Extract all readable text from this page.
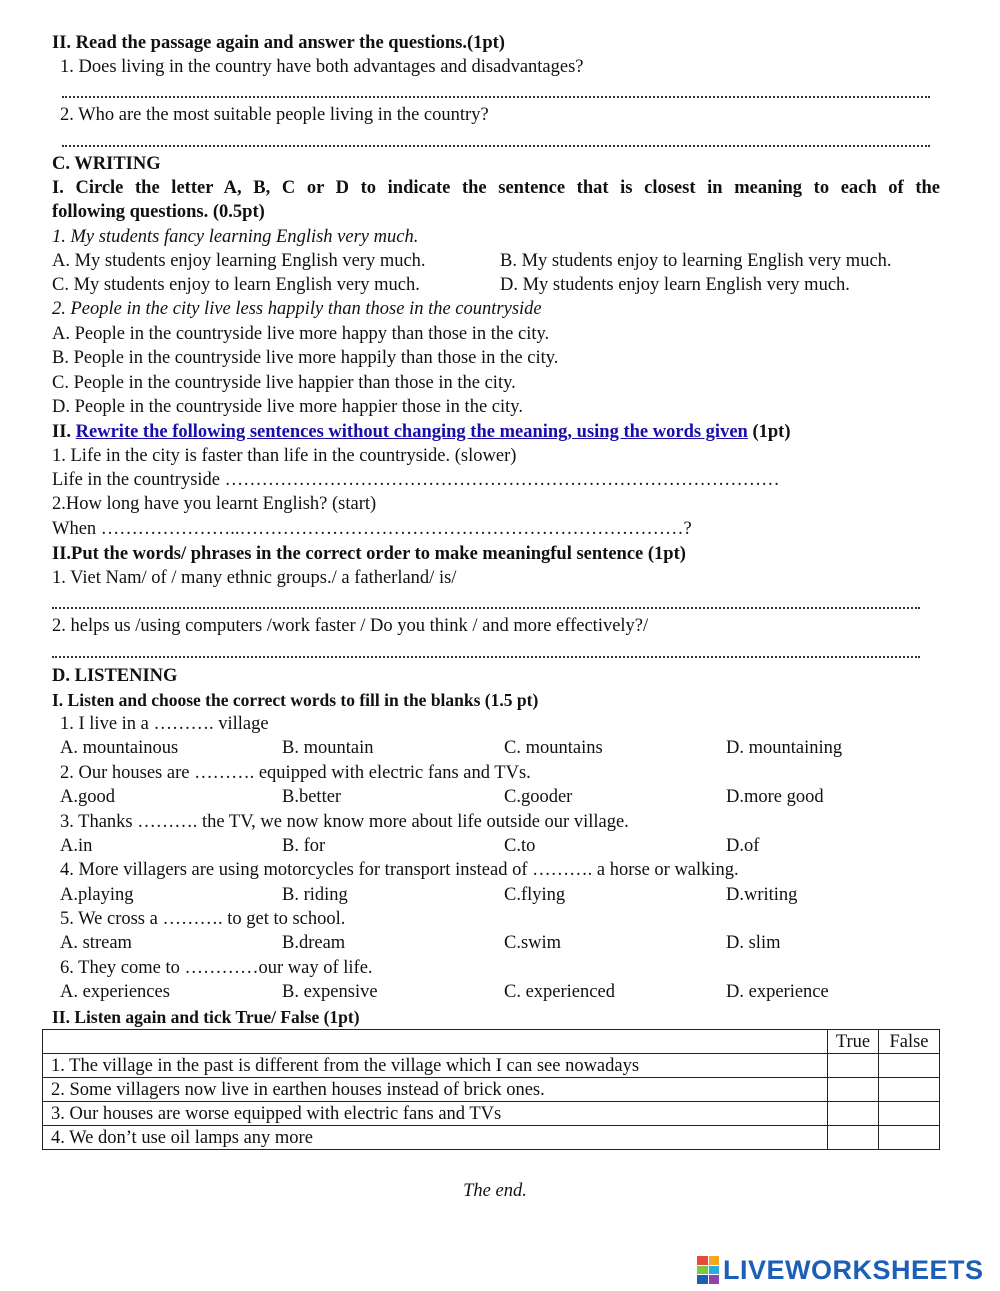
II. Read the passage again and answer the questions.(1pt)
1. Does living in the country have both advantages and disadvantages?
2. Who are the most suitable people living in the country?
C. WRITING
I. Circle the letter A, B, C or D to indicate the sentence that is closest in meaning to each of the
following questions. (0.5pt)
1. My students fancy learning English very much.
A. My students enjoy learning English very much.	B. My students enjoy to learning English very much.
C. My students enjoy to learn English very much.	D. My students enjoy learn English very much.
2. People in the city live less happily than those in the countryside
A. People in the countryside live more happy than those in the city.
B. People in the countryside live more happily than those in the city.
C. People in the countryside live happier than those in the city.
D. People in the countryside live more happier those in the city.
II. Rewrite the following sentences without changing the meaning, using the words given (1pt)
1. Life in the city is faster than life in the countryside. (slower)
Life in the countryside ………………………………………………………………………………
2.How long have you learnt English? (start)
When …………………..………………………………………………………………?
II.Put the words/ phrases in the correct order to make meaningful sentence (1pt)
1. Viet Nam/ of / many ethnic groups./ a fatherland/ is/
2. helps us /using computers /work faster / Do you think / and more effectively?/
D. LISTENING
I. Listen and choose the correct words to fill in the blanks (1.5 pt)
1. I live in a ………. village
A. mountainous	B. mountain	C. mountains	D. mountaining
2. Our houses are ………. equipped with electric fans and TVs.
A.good	B.better	C.gooder	D.more good
3. Thanks ………. the TV, we now know more about life outside our village.
A.in	B. for	C.to	D.of
4. More villagers are using motorcycles for transport instead of ………. a horse or walking.
A.playing	B. riding	C.flying	D.writing
5. We cross a ………. to get to school.
A. stream	B.dream	C.swim	D. slim
6. They come to …………our way of life.
A. experiences	B. expensive	C. experienced	D. experience
II. Listen again and tick True/ False (1pt)
	True	False
1. The village in the past is different from the village which I can see nowadays		
2. Some villagers now live in earthen houses instead of brick ones.		
3. Our houses are worse equipped with electric fans and TVs		
4. We don’t use oil lamps any more		
The end.
LIVEWORKSHEETS
